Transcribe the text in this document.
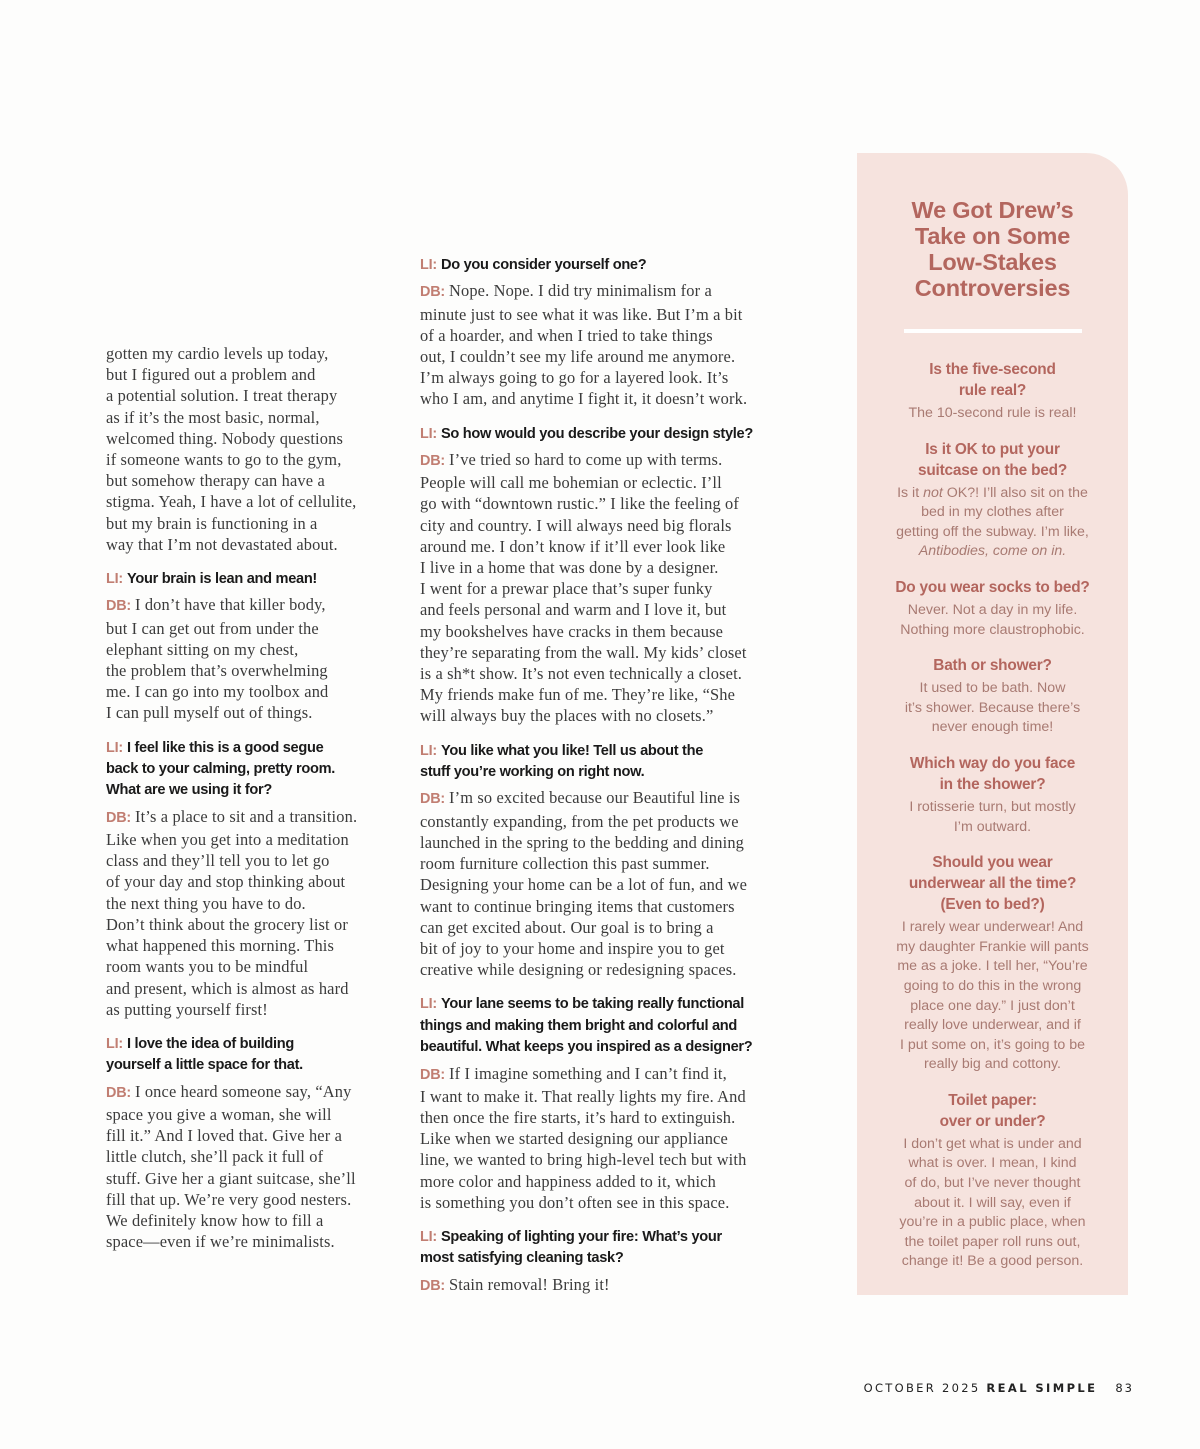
gotten my cardio levels up today,
but I figured out a problem and
a potential solution. I treat therapy
as if it’s the most basic, normal,
welcomed thing. Nobody questions
if someone wants to go to the gym,
but somehow therapy can have a
stigma. Yeah, I have a lot of cellulite,
but my brain is functioning in a
way that I’m not devastated about.
LI: Your brain is lean and mean!
DB: I don’t have that killer body,
but I can get out from under the
elephant sitting on my chest,
the problem that’s overwhelming
me. I can go into my toolbox and
I can pull myself out of things.
LI: I feel like this is a good segue
back to your calming, pretty room.
What are we using it for?
DB: It’s a place to sit and a transition.
Like when you get into a meditation
class and they’ll tell you to let go
of your day and stop thinking about
the next thing you have to do.
Don’t think about the grocery list or
what happened this morning. This
room wants you to be mindful
and present, which is almost as hard
as putting yourself first!
LI: I love the idea of building
yourself a little space for that.
DB: I once heard someone say, “Any
space you give a woman, she will
fill it.” And I loved that. Give her a
little clutch, she’ll pack it full of
stuff. Give her a giant suitcase, she’ll
fill that up. We’re very good nesters.
We definitely know how to fill a
space—even if we’re minimalists.
LI: Do you consider yourself one?
DB: Nope. Nope. I did try minimalism for a
minute just to see what it was like. But I’m a bit
of a hoarder, and when I tried to take things
out, I couldn’t see my life around me anymore.
I’m always going to go for a layered look. It’s
who I am, and anytime I fight it, it doesn’t work.
LI: So how would you describe your design style?
DB: I’ve tried so hard to come up with terms.
People will call me bohemian or eclectic. I’ll
go with “downtown rustic.” I like the feeling of
city and country. I will always need big florals
around me. I don’t know if it’ll ever look like
I live in a home that was done by a designer.
I went for a prewar place that’s super funky
and feels personal and warm and I love it, but
my bookshelves have cracks in them because
they’re separating from the wall. My kids’ closet
is a sh*t show. It’s not even technically a closet.
My friends make fun of me. They’re like, “She
will always buy the places with no closets.”
LI: You like what you like! Tell us about the
stuff you’re working on right now.
DB: I’m so excited because our Beautiful line is
constantly expanding, from the pet products we
launched in the spring to the bedding and dining
room furniture collection this past summer.
Designing your home can be a lot of fun, and we
want to continue bringing items that customers
can get excited about. Our goal is to bring a
bit of joy to your home and inspire you to get
creative while designing or redesigning spaces.
LI: Your lane seems to be taking really functional
things and making them bright and colorful and
beautiful. What keeps you inspired as a designer?
DB: If I imagine something and I can’t find it,
I want to make it. That really lights my fire. And
then once the fire starts, it’s hard to extinguish.
Like when we started designing our appliance
line, we wanted to bring high-level tech but with
more color and happiness added to it, which
is something you don’t often see in this space.
LI: Speaking of lighting your fire: What’s your
most satisfying cleaning task?
DB: Stain removal! Bring it!
We Got Drew’s
Take on Some
Low-Stakes
Controversies
Is the five-second
rule real?
The 10-second rule is real!
Is it OK to put your
suitcase on the bed?
Is it not OK?! I’ll also sit on the
bed in my clothes after
getting off the subway. I’m like,
Antibodies, come on in.
Do you wear socks to bed?
Never. Not a day in my life.
Nothing more claustrophobic.
Bath or shower?
It used to be bath. Now
it’s shower. Because there’s
never enough time!
Which way do you face
in the shower?
I rotisserie turn, but mostly
I’m outward.
Should you wear
underwear all the time?
(Even to bed?)
I rarely wear underwear! And
my daughter Frankie will pants
me as a joke. I tell her, “You’re
going to do this in the wrong
place one day.” I just don’t
really love underwear, and if
I put some on, it’s going to be
really big and cottony.
Toilet paper:
over or under?
I don’t get what is under and
what is over. I mean, I kind
of do, but I’ve never thought
about it. I will say, even if
you’re in a public place, when
the toilet paper roll runs out,
change it! Be a good person.
OCTOBER 2025 REAL SIMPLE 83
